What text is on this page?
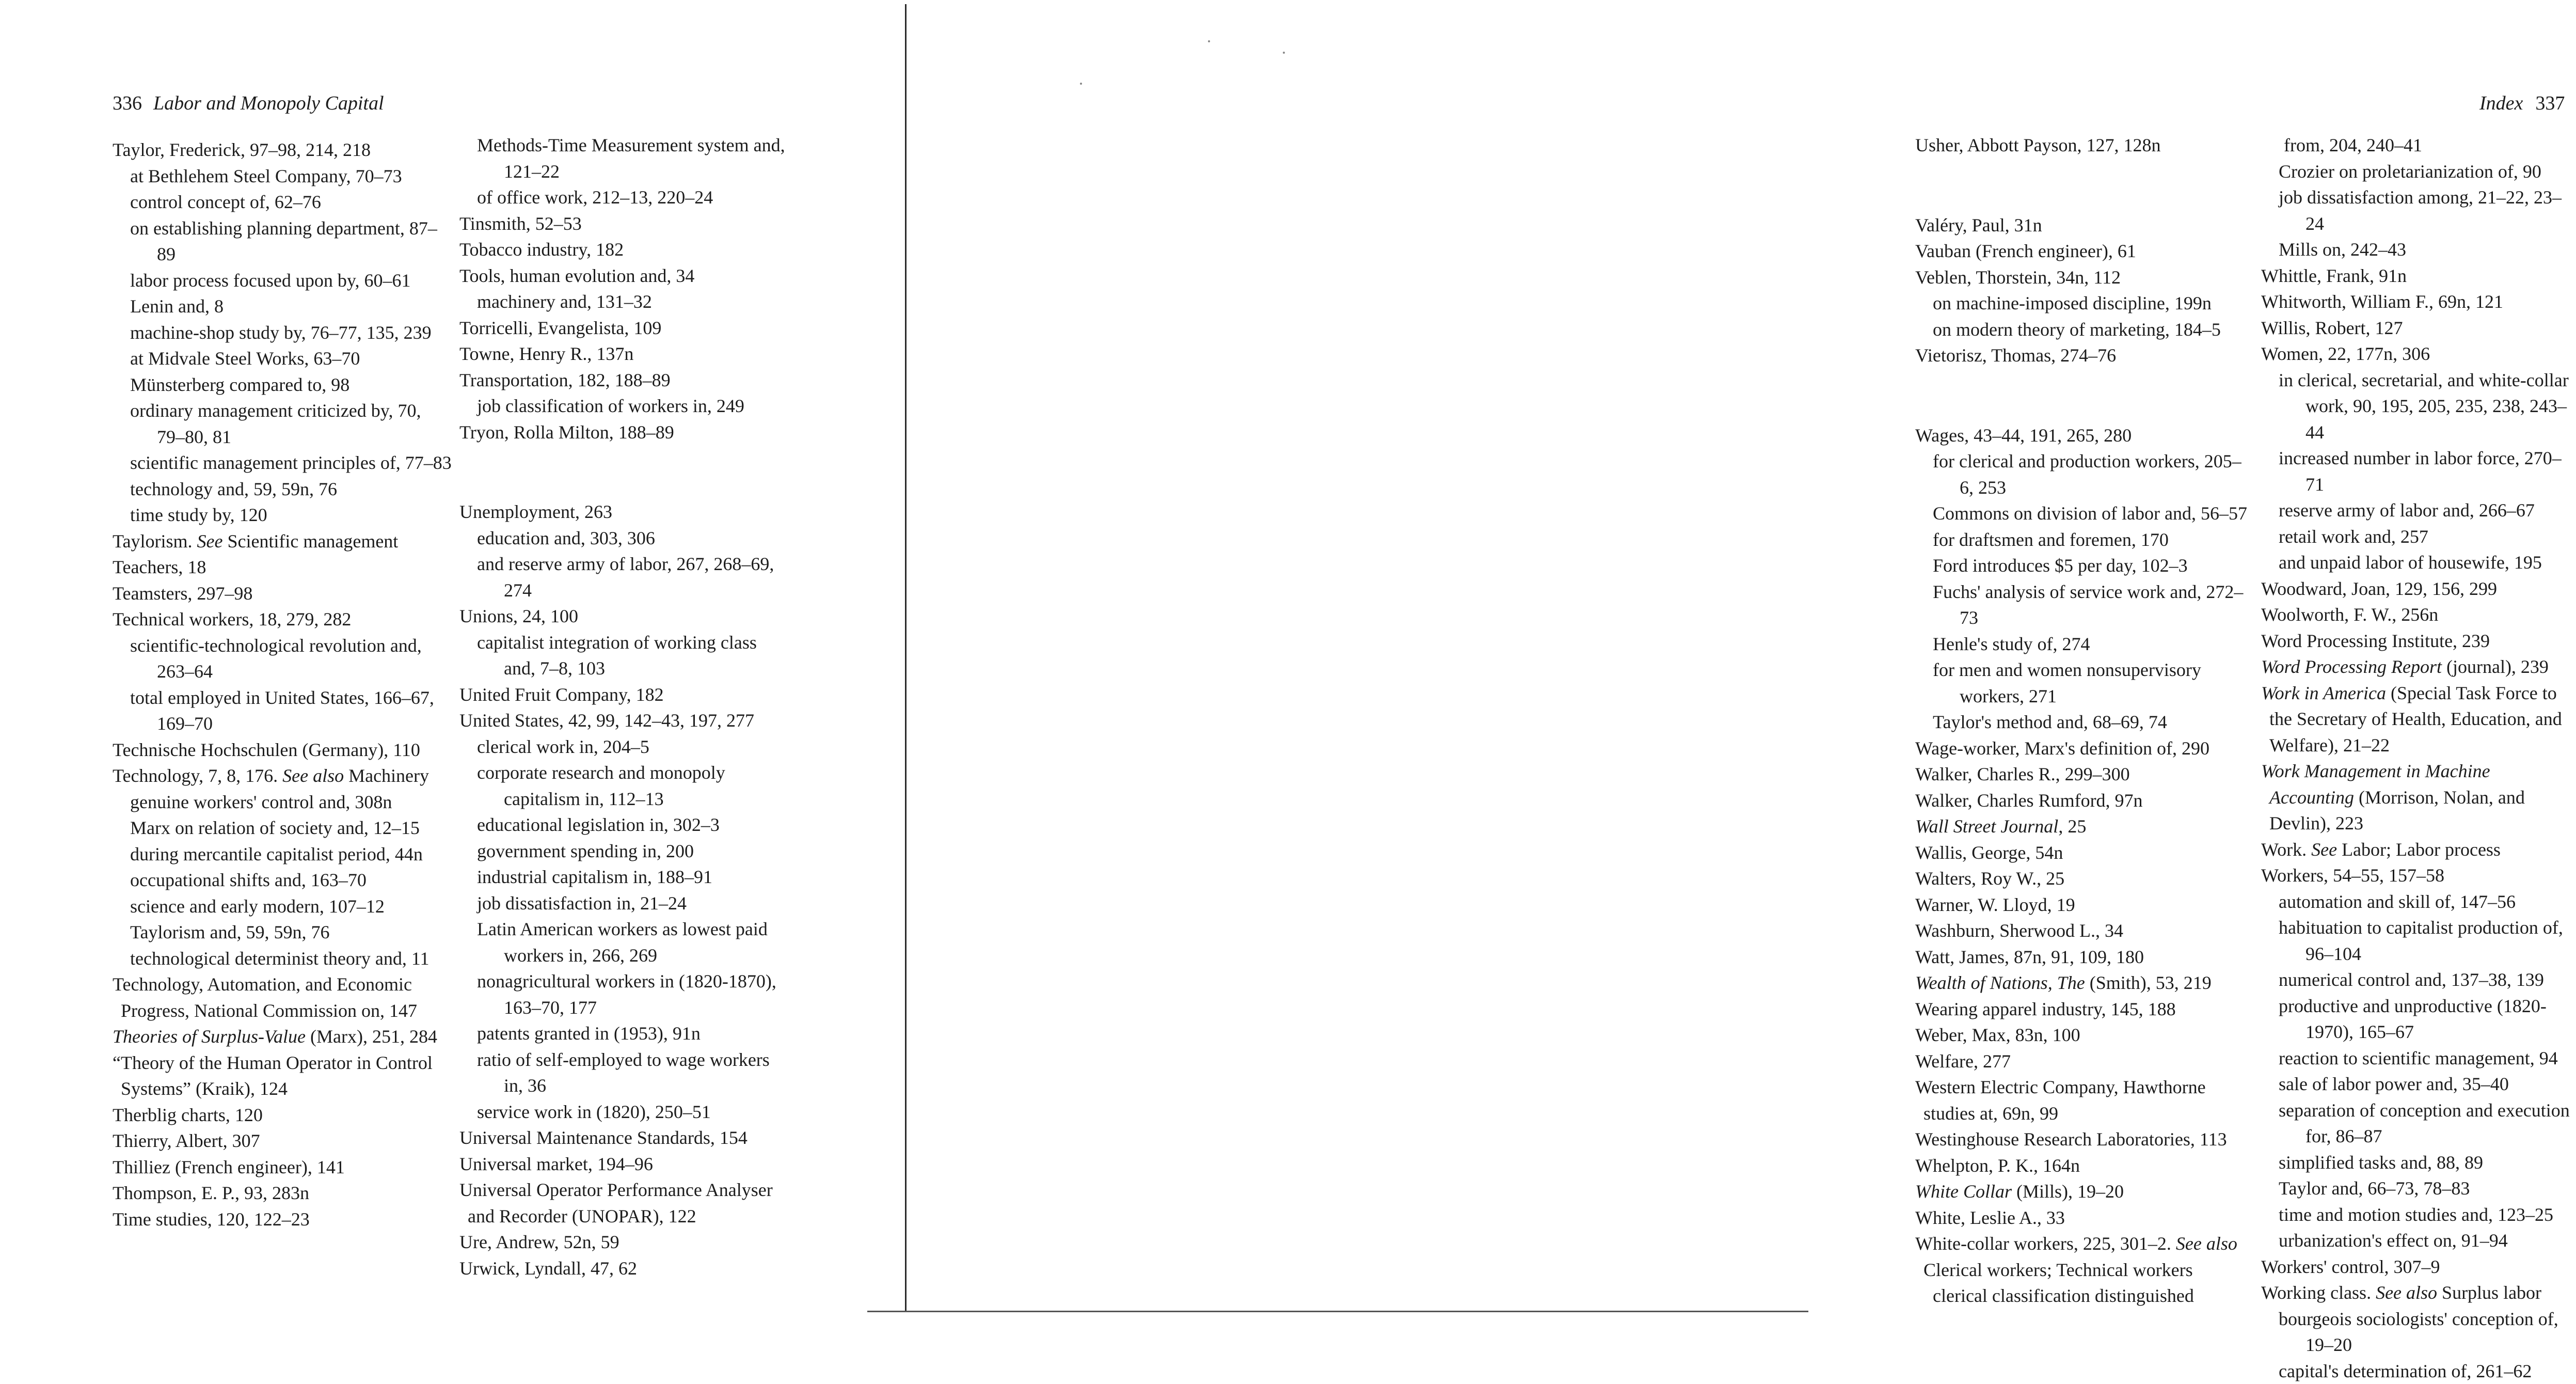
336 Labor and Monopoly Capital
Taylor, Frederick, 97–98, 214, 218
at Bethlehem Steel Company, 70–73
control concept of, 62–76
on establishing planning department, 87–89
labor process focused upon by, 60–61
Lenin and, 8
machine-shop study by, 76–77, 135, 239
at Midvale Steel Works, 63–70
Münsterberg compared to, 98
ordinary management criticized by, 70, 79–80, 81
scientific management principles of, 77–83
technology and, 59, 59n, 76
time study by, 120
Taylorism. See Scientific management
Teachers, 18
Teamsters, 297–98
Technical workers, 18, 279, 282
scientific-technological revolution and, 263–64
total employed in United States, 166–67, 169–70
Technische Hochschulen (Germany), 110
Technology, 7, 8, 176. See also Machinery
genuine workers' control and, 308n
Marx on relation of society and, 12–15
during mercantile capitalist period, 44n
occupational shifts and, 163–70
science and early modern, 107–12
Taylorism and, 59, 59n, 76
technological determinist theory and, 11
Technology, Automation, and Economic Progress, National Commission on, 147
Theories of Surplus-Value (Marx), 251, 284
“Theory of the Human Operator in Control Systems” (Kraik), 124
Therblig charts, 120
Thierry, Albert, 307
Thilliez (French engineer), 141
Thompson, E. P., 93, 283n
Time studies, 120, 122–23
Methods-Time Measurement system and, 121–22
of office work, 212–13, 220–24
Tinsmith, 52–53
Tobacco industry, 182
Tools, human evolution and, 34
machinery and, 131–32
Torricelli, Evangelista, 109
Towne, Henry R., 137n
Transportation, 182, 188–89
job classification of workers in, 249
Tryon, Rolla Milton, 188–89
Unemployment, 263
education and, 303, 306
and reserve army of labor, 267, 268–69, 274
Unions, 24, 100
capitalist integration of working class and, 7–8, 103
United Fruit Company, 182
United States, 42, 99, 142–43, 197, 277
clerical work in, 204–5
corporate research and monopoly capitalism in, 112–13
educational legislation in, 302–3
government spending in, 200
industrial capitalism in, 188–91
job dissatisfaction in, 21–24
Latin American workers as lowest paid workers in, 266, 269
nonagricultural workers in (1820-1870), 163–70, 177
patents granted in (1953), 91n
ratio of self-employed to wage workers in, 36
service work in (1820), 250–51
Universal Maintenance Standards, 154
Universal market, 194–96
Universal Operator Performance Analyser and Recorder (UNOPAR), 122
Ure, Andrew, 52n, 59
Urwick, Lyndall, 47, 62
Index 337
Usher, Abbott Payson, 127, 128n
Valéry, Paul, 31n
Vauban (French engineer), 61
Veblen, Thorstein, 34n, 112
on machine-imposed discipline, 199n
on modern theory of marketing, 184–5
Vietorisz, Thomas, 274–76
Wages, 43–44, 191, 265, 280
for clerical and production workers, 205–6, 253
Commons on division of labor and, 56–57
for draftsmen and foremen, 170
Ford introduces $5 per day, 102–3
Fuchs' analysis of service work and, 272–73
Henle's study of, 274
for men and women nonsupervisory workers, 271
Taylor's method and, 68–69, 74
Wage-worker, Marx's definition of, 290
Walker, Charles R., 299–300
Walker, Charles Rumford, 97n
Wall Street Journal, 25
Wallis, George, 54n
Walters, Roy W., 25
Warner, W. Lloyd, 19
Washburn, Sherwood L., 34
Watt, James, 87n, 91, 109, 180
Wealth of Nations, The (Smith), 53, 219
Wearing apparel industry, 145, 188
Weber, Max, 83n, 100
Welfare, 277
Western Electric Company, Hawthorne studies at, 69n, 99
Westinghouse Research Laboratories, 113
Whelpton, P. K., 164n
White Collar (Mills), 19–20
White, Leslie A., 33
White-collar workers, 225, 301–2. See also Clerical workers; Technical workers
clerical classification distinguished
from, 204, 240–41
Crozier on proletarianization of, 90
job dissatisfaction among, 21–22, 23–24
Mills on, 242–43
Whittle, Frank, 91n
Whitworth, William F., 69n, 121
Willis, Robert, 127
Women, 22, 177n, 306
in clerical, secretarial, and white-collar work, 90, 195, 205, 235, 238, 243–44
increased number in labor force, 270–71
reserve army of labor and, 266–67
retail work and, 257
and unpaid labor of housewife, 195
Woodward, Joan, 129, 156, 299
Woolworth, F. W., 256n
Word Processing Institute, 239
Word Processing Report (journal), 239
Work in America (Special Task Force to the Secretary of Health, Education, and Welfare), 21–22
Work Management in Machine Accounting (Morrison, Nolan, and Devlin), 223
Work. See Labor; Labor process
Workers, 54–55, 157–58
automation and skill of, 147–56
habituation to capitalist production of, 96–104
numerical control and, 137–38, 139
productive and unproductive (1820-1970), 165–67
reaction to scientific management, 94
sale of labor power and, 35–40
separation of conception and execution for, 86–87
simplified tasks and, 88, 89
Taylor and, 66–73, 78–83
time and motion studies and, 123–25
urbanization's effect on, 91–94
Workers' control, 307–9
Working class. See also Surplus labor
bourgeois sociologists' conception of, 19–20
capital's determination of, 261–62
